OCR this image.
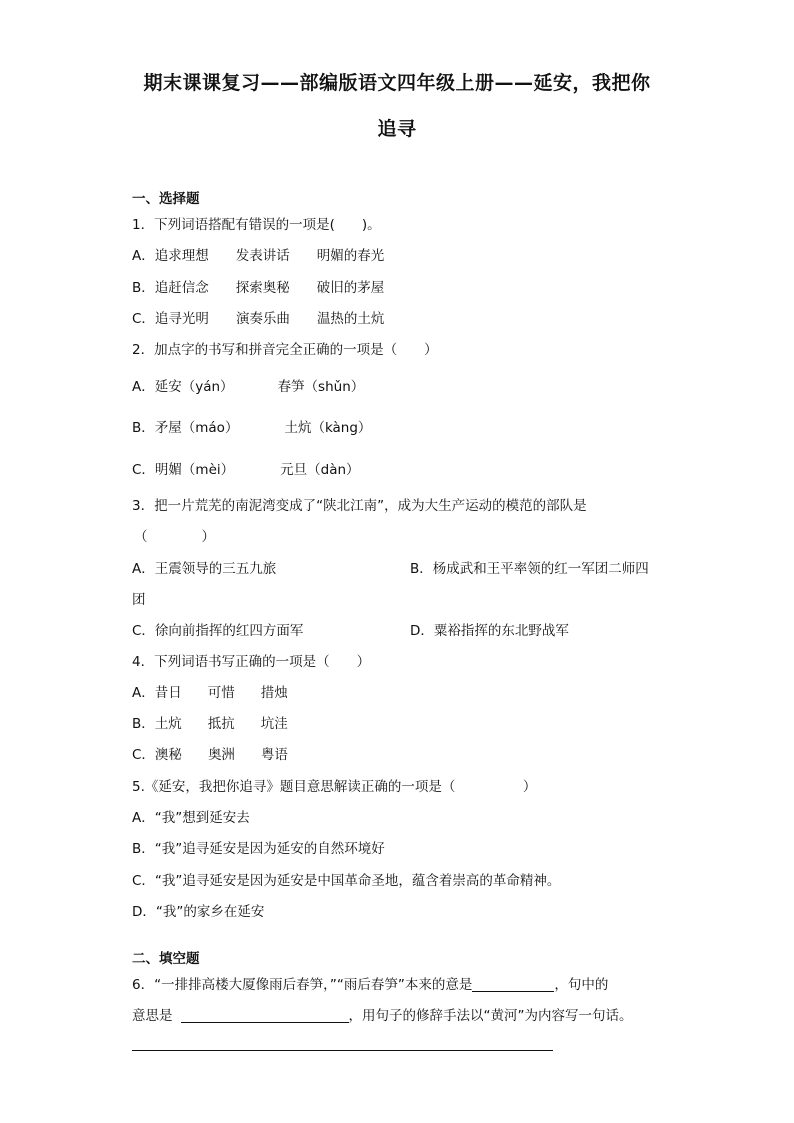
期末课课复习——部编版语文四年级上册——延安，我把你
追寻
一、选择题
1．下列词语搭配有错误的一项是(　　)。
A．追求理想 发表讲话 明媚的春光
B．追赶信念 探索奥秘 破旧的茅屋
C．追寻光明 演奏乐曲 温热的土炕
2．加点字的书写和拼音完全正确的一项是（　　）
A．延安（yán）	春笋（shǔn）
B．矛屋（máo）	土炕（kàng）
C．明媚（mèi）	元旦（dàn）
3．把一片荒芜的南泥湾变成了“陕北江南”，成为大生产运动的模范的部队是
（　　　　）
A．王震领导的三五九旅	B．杨成武和王平率领的红一军团二师四
团
C．徐向前指挥的红四方面军	D．粟裕指挥的东北野战军
4．下列词语书写正确的一项是（　　）
A．昔日 可惜 措烛
B．土炕 抵抗 坑洼
C．澳秘 奥洲 粤语
5.《延安，我把你追寻》题目意思解读正确的一项是（　　　　　）
A．“我”想到延安去
B．“我”追寻延安是因为延安的自然环境好
C．“我”追寻延安是因为延安是中国革命圣地，蕴含着崇高的革命精神。
D．“我”的家乡在延安
二、填空题
6．“一排排高楼大厦像雨后春笋，”“雨后春笋”本来的意是	，句中的
意思是	，用句子的修辞手法以“黄河”为内容写一句话。
